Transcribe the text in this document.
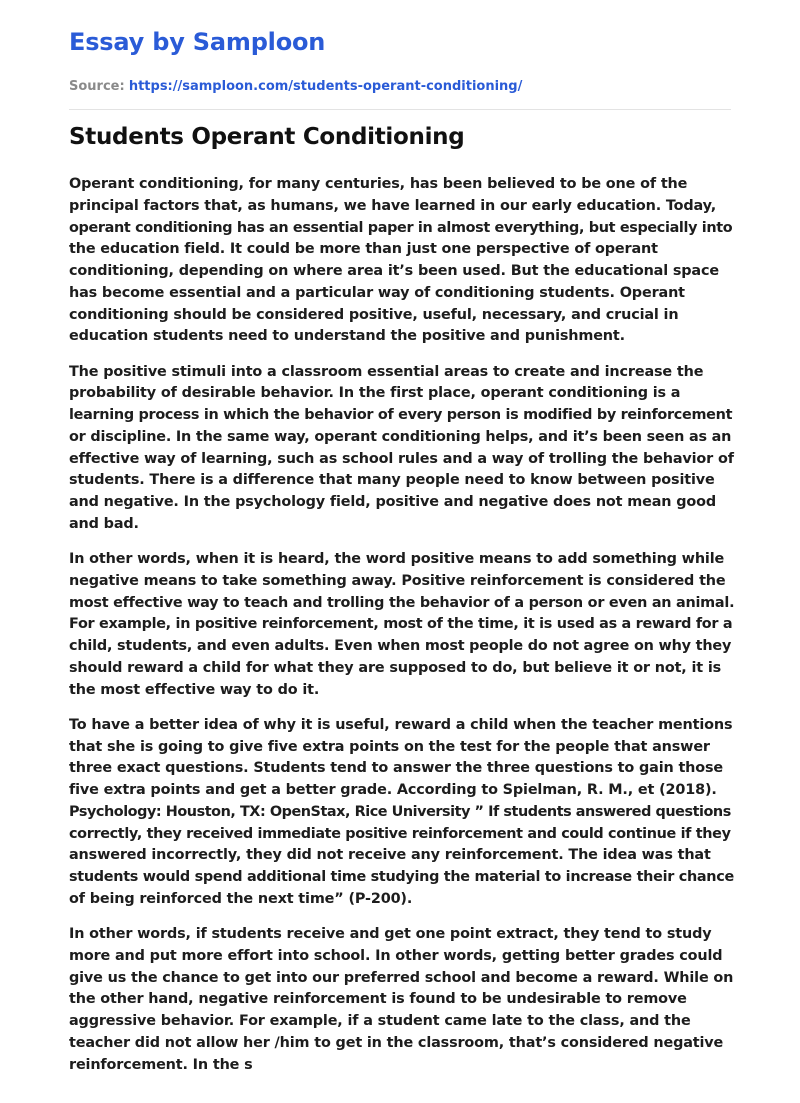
Essay by Samploon
Source: https://samploon.com/students-operant-conditioning/
Students Operant Conditioning

Operant conditioning, for many centuries, has been believed to be one of the
principal factors that, as humans, we have learned in our early education. Today,
operant conditioning has an essential paper in almost everything, but especially into
the education field. It could be more than just one perspective of operant
conditioning, depending on where area it’s been used. But the educational space
has become essential and a particular way of conditioning students. Operant
conditioning should be considered positive, useful, necessary, and crucial in
education students need to understand the positive and punishment.

The positive stimuli into a classroom essential areas to create and increase the
probability of desirable behavior. In the first place, operant conditioning is a
learning process in which the behavior of every person is modified by reinforcement
or discipline. In the same way, operant conditioning helps, and it’s been seen as an
effective way of learning, such as school rules and a way of trolling the behavior of
students. There is a difference that many people need to know between positive
and negative. In the psychology field, positive and negative does not mean good
and bad.

In other words, when it is heard, the word positive means to add something while
negative means to take something away. Positive reinforcement is considered the
most effective way to teach and trolling the behavior of a person or even an animal.
For example, in positive reinforcement, most of the time, it is used as a reward for a
child, students, and even adults. Even when most people do not agree on why they
should reward a child for what they are supposed to do, but believe it or not, it is
the most effective way to do it.

To have a better idea of why it is useful, reward a child when the teacher mentions
that she is going to give five extra points on the test for the people that answer
three exact questions. Students tend to answer the three questions to gain those
five extra points and get a better grade. According to Spielman, R. M., et (2018).
Psychology: Houston, TX: OpenStax, Rice University ” If students answered questions
correctly, they received immediate positive reinforcement and could continue if they
answered incorrectly, they did not receive any reinforcement. The idea was that
students would spend additional time studying the material to increase their chance
of being reinforced the next time” (P-200).

In other words, if students receive and get one point extract, they tend to study
more and put more effort into school. In other words, getting better grades could
give us the chance to get into our preferred school and become a reward. While on
the other hand, negative reinforcement is found to be undesirable to remove
aggressive behavior. For example, if a student came late to the class, and the
teacher did not allow her /him to get in the classroom, that’s considered negative
reinforcement. In the s
